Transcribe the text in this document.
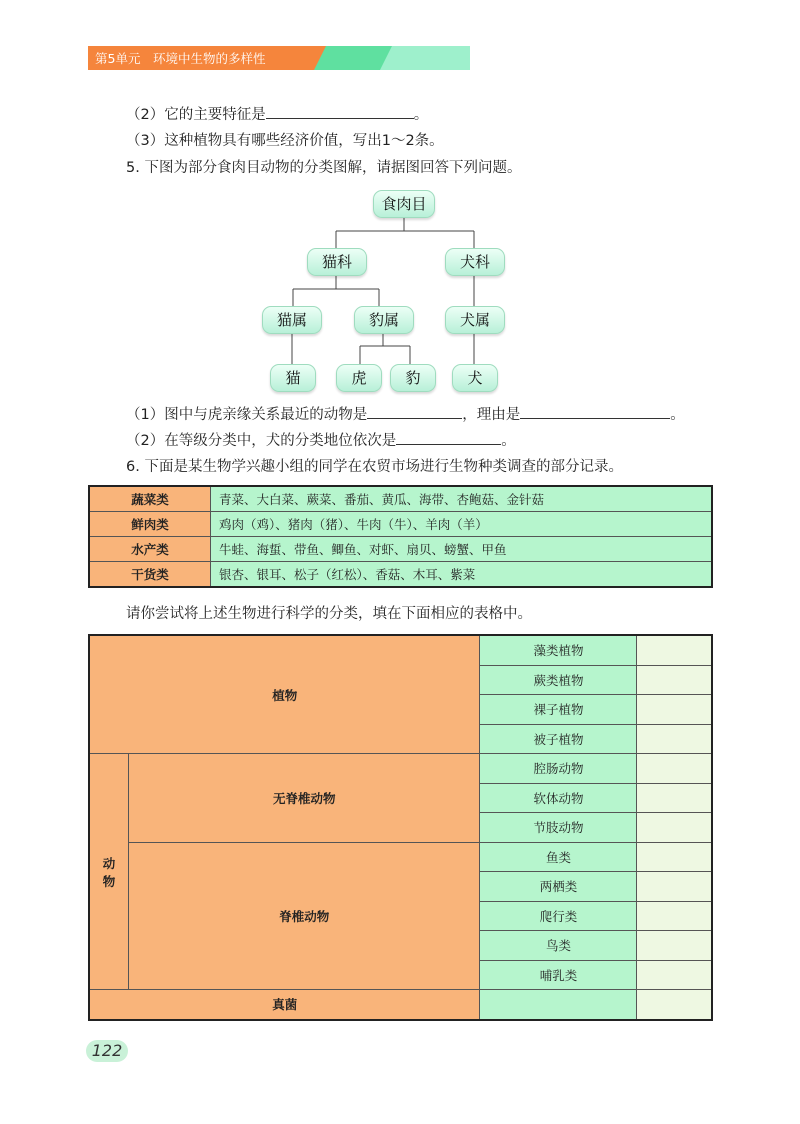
第5单元　环境中生物的多样性
（2）它的主要特征是	。
（3）这种植物具有哪些经济价值，写出1～2条。
5. 下图为部分食肉目动物的分类图解，请据图回答下列问题。
食肉目
猫科	犬科
猫属	豹属	犬属
猫	虎	豹	犬
（1）图中与虎亲缘关系最近的动物是	，理由是	。
（2）在等级分类中，犬的分类地位依次是	。
6. 下面是某生物学兴趣小组的同学在农贸市场进行生物种类调查的部分记录。
蔬菜类	青菜、大白菜、蕨菜、番茄、黄瓜、海带、杏鲍菇、金针菇
鲜肉类	鸡肉（鸡）、猪肉（猪）、牛肉（牛）、羊肉（羊）
水产类	牛蛙、海蜇、带鱼、鲫鱼、对虾、扇贝、螃蟹、甲鱼
干货类	银杏、银耳、松子（红松）、香菇、木耳、紫菜
请你尝试将上述生物进行科学的分类，填在下面相应的表格中。
植物		藻类植物	
		蕨类植物	
		裸子植物	
		被子植物	
动物	无脊椎动物	腔肠动物	
		软体动物	
		节肢动物	
	脊椎动物	鱼类	
		两栖类	
		爬行类	
		鸟类	
		哺乳类	
真菌			
122
